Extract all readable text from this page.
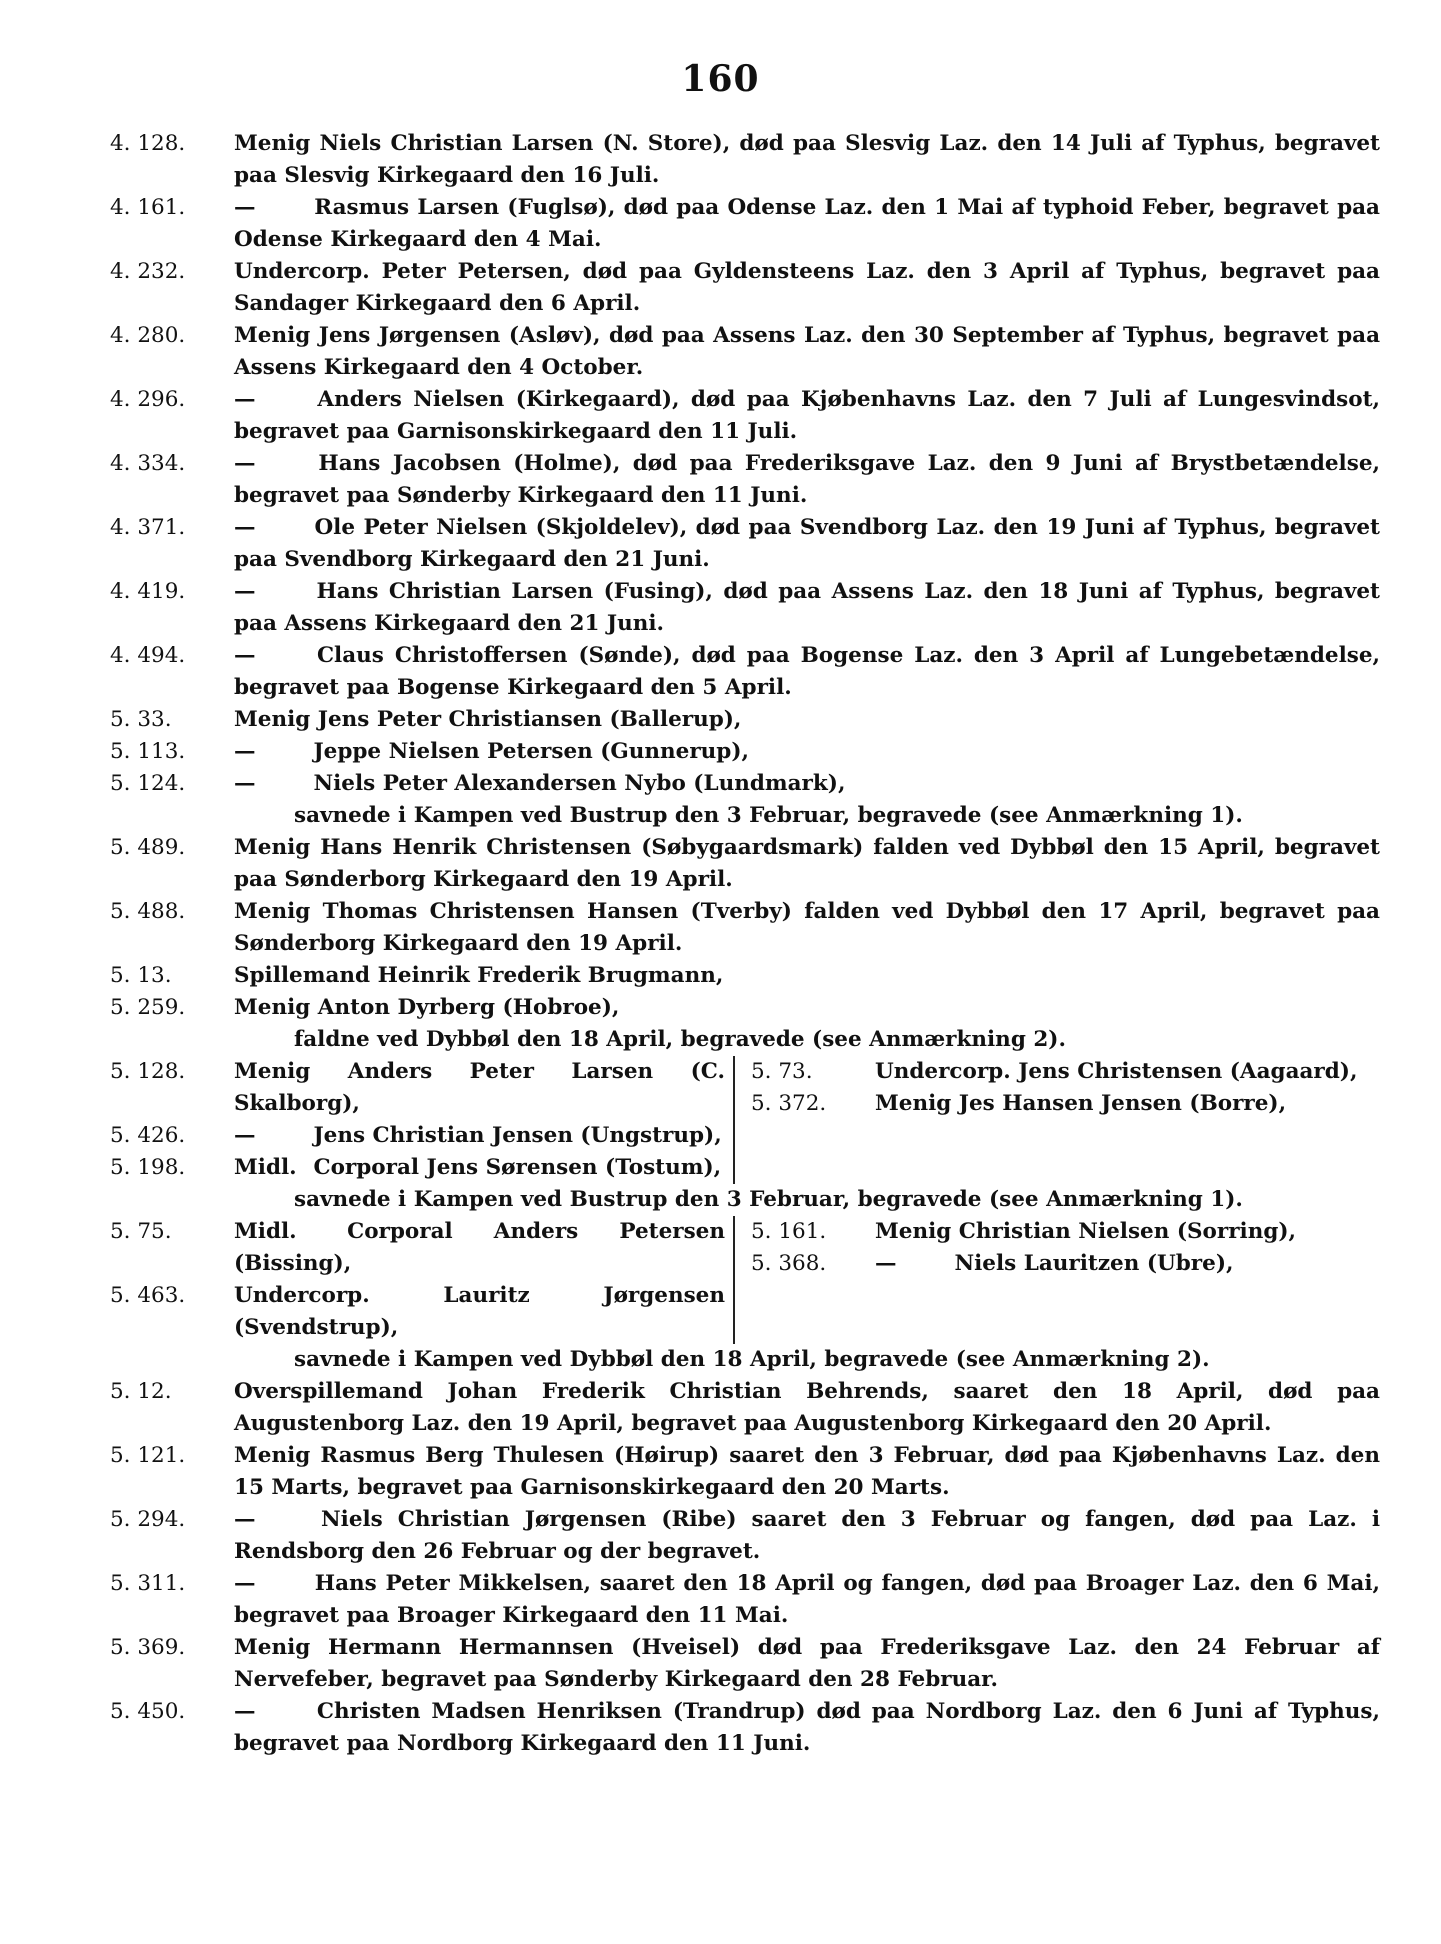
160
4. 128.	Menig Niels Christian Larsen (N. Store), død paa Slesvig Laz. den 14 Juli af Typhus, begravet paa Slesvig Kirkegaard den 16 Juli.
4. 161.	— Rasmus Larsen (Fuglsø), død paa Odense Laz. den 1 Mai af typhoid Feber, begravet paa Odense Kirkegaard den 4 Mai.
4. 232.	Undercorp. Peter Petersen, død paa Gyldensteens Laz. den 3 April af Typhus, begravet paa Sandager Kirkegaard den 6 April.
4. 280.	Menig Jens Jørgensen (Asløv), død paa Assens Laz. den 30 September af Typhus, begravet paa Assens Kirkegaard den 4 October.
4. 296.	— Anders Nielsen (Kirkegaard), død paa Kjøbenhavns Laz. den 7 Juli af Lungesvindsot, begravet paa Garnisonskirkegaard den 11 Juli.
4. 334.	— Hans Jacobsen (Holme), død paa Frederiksgave Laz. den 9 Juni af Brystbetændelse, begravet paa Sønderby Kirkegaard den 11 Juni.
4. 371.	— Ole Peter Nielsen (Skjoldelev), død paa Svendborg Laz. den 19 Juni af Typhus, begravet paa Svendborg Kirkegaard den 21 Juni.
4. 419.	— Hans Christian Larsen (Fusing), død paa Assens Laz. den 18 Juni af Typhus, begravet paa Assens Kirkegaard den 21 Juni.
4. 494.	— Claus Christoffersen (Sønde), død paa Bogense Laz. den 3 April af Lungebetændelse, begravet paa Bogense Kirkegaard den 5 April.
5. 33.	Menig Jens Peter Christiansen (Ballerup),
5. 113.	— Jeppe Nielsen Petersen (Gunnerup),
5. 124.	— Niels Peter Alexandersen Nybo (Lundmark),
savnede i Kampen ved Bustrup den 3 Februar, begravede (see Anmærkning 1).
5. 489.	Menig Hans Henrik Christensen (Søbygaardsmark) falden ved Dybbøl den 15 April, begravet paa Sønderborg Kirkegaard den 19 April.
5. 488.	Menig Thomas Christensen Hansen (Tverby) falden ved Dybbøl den 17 April, begravet paa Sønderborg Kirkegaard den 19 April.
5. 13.	Spillemand Heinrik Frederik Brugmann,
5. 259.	Menig Anton Dyrberg (Hobroe),
faldne ved Dybbøl den 18 April, begravede (see Anmærkning 2).
5. 128.	Menig Anders Peter Larsen (C. Skalborg),
5. 426.	— Jens Christian Jensen (Ungstrup),
5. 198.	Midl. Corporal Jens Sørensen (Tostum),
5. 73.	Undercorp. Jens Christensen (Aagaard),
5. 372.	Menig Jes Hansen Jensen (Borre),
savnede i Kampen ved Bustrup den 3 Februar, begravede (see Anmærkning 1).
5. 75.	Midl. Corporal Anders Petersen (Bissing),
5. 463.	Undercorp. Lauritz Jørgensen (Svendstrup),
5. 161.	Menig Christian Nielsen (Sorring),
5. 368.	— Niels Lauritzen (Ubre),
savnede i Kampen ved Dybbøl den 18 April, begravede (see Anmærkning 2).
5. 12.	Overspillemand Johan Frederik Christian Behrends, saaret den 18 April, død paa Augustenborg Laz. den 19 April, begravet paa Augustenborg Kirkegaard den 20 April.
5. 121.	Menig Rasmus Berg Thulesen (Høirup) saaret den 3 Februar, død paa Kjøbenhavns Laz. den 15 Marts, begravet paa Garnisonskirkegaard den 20 Marts.
5. 294.	— Niels Christian Jørgensen (Ribe) saaret den 3 Februar og fangen, død paa Laz. i Rendsborg den 26 Februar og der begravet.
5. 311.	— Hans Peter Mikkelsen, saaret den 18 April og fangen, død paa Broager Laz. den 6 Mai, begravet paa Broager Kirkegaard den 11 Mai.
5. 369.	Menig Hermann Hermannsen (Hveisel) død paa Frederiksgave Laz. den 24 Februar af Nervefeber, begravet paa Sønderby Kirkegaard den 28 Februar.
5. 450.	— Christen Madsen Henriksen (Trandrup) død paa Nordborg Laz. den 6 Juni af Typhus, begravet paa Nordborg Kirkegaard den 11 Juni.
